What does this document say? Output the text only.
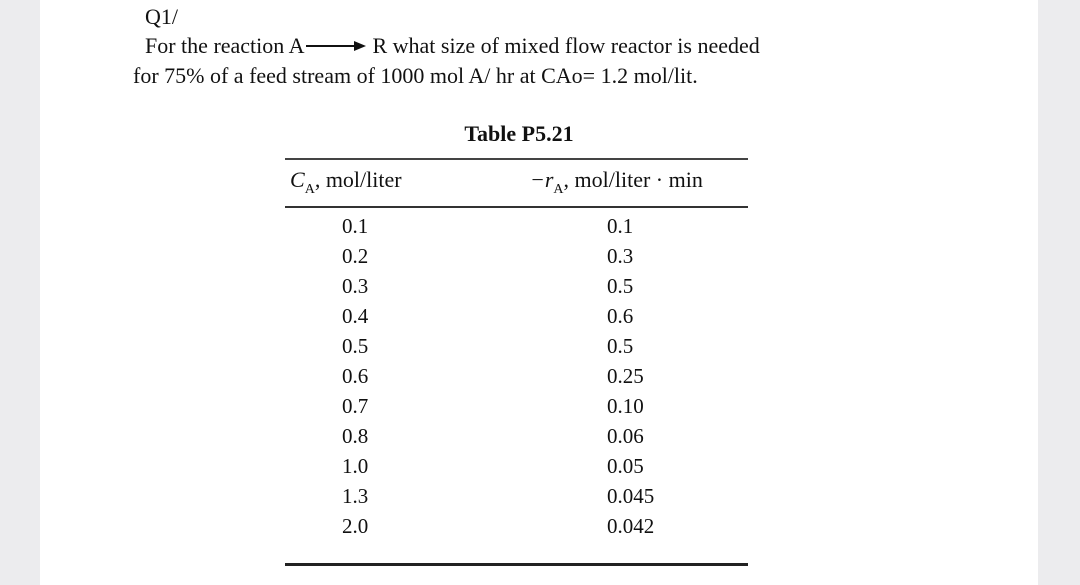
Q1/
For the reaction A → R what size of mixed flow reactor is needed
for 75% of a feed stream of 1000 mol A/ hr at CAo= 1.2 mol/lit.
Table P5.21
$C_A$, mol/liter	$-r_A$, mol/liter · min
0.1	0.1
0.2	0.3
0.3	0.5
0.4	0.6
0.5	0.5
0.6	0.25
0.7	0.10
0.8	0.06
1.0	0.05
1.3	0.045
2.0	0.042
